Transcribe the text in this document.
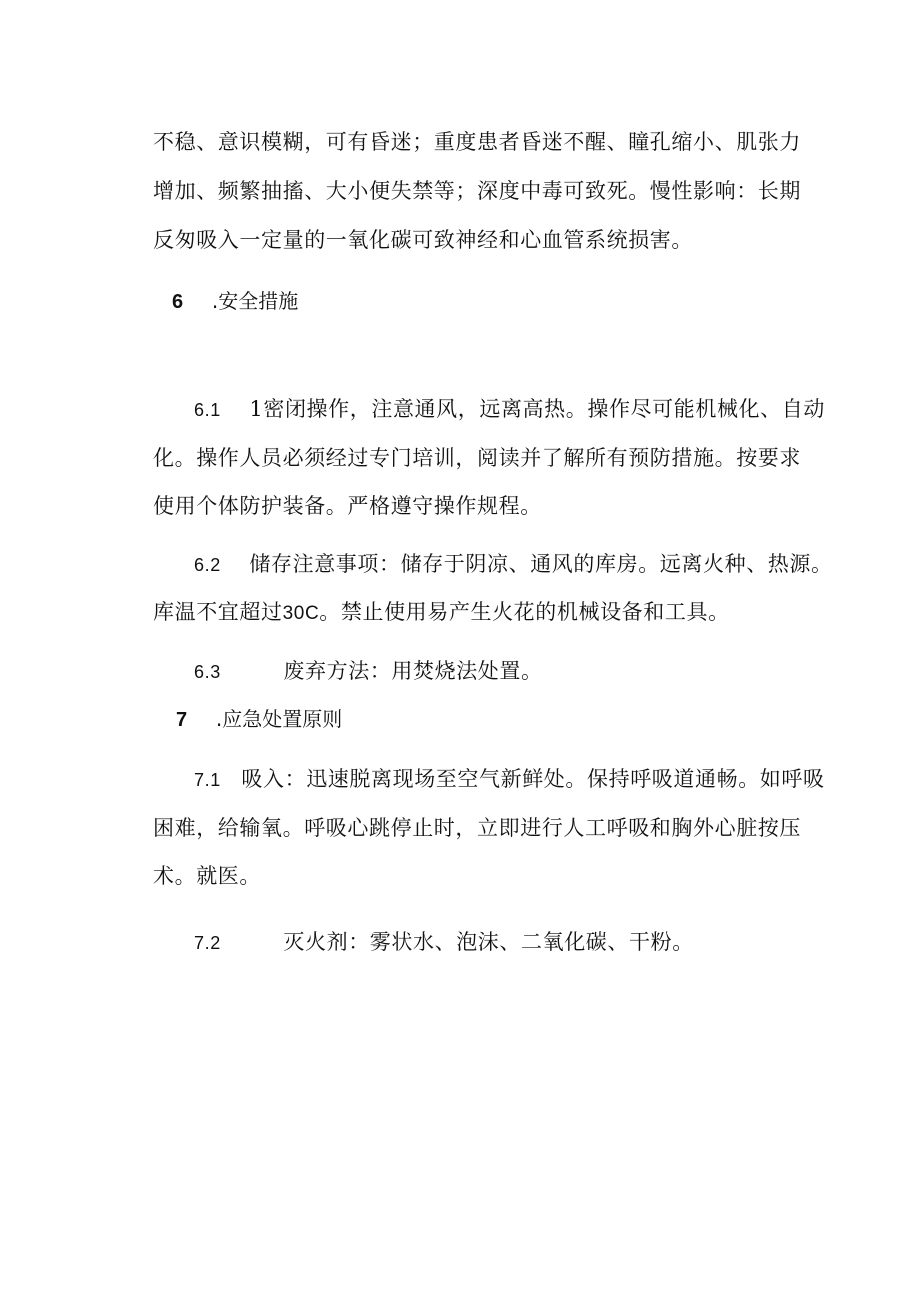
不稳、意识模糊，可有昏迷；重度患者昏迷不醒、瞳孔缩小、肌张力
增加、频繁抽搐、大小便失禁等；深度中毒可致死。慢性影响：长期
反匆吸入一定量的一氧化碳可致神经和心血管系统损害。
6 .安全措施
6.1 1密闭操作，注意通风，远离高热。操作尽可能机械化、自动
化。操作人员必须经过专门培训，阅读并了解所有预防措施。按要求
使用个体防护装备。严格遵守操作规程。
6.2 储存注意事项：储存于阴凉、通风的库房。远离火种、热源。
库温不宜超过30C。禁止使用易产生火花的机械设备和工具。
6.3	废弃方法：用焚烧法处置。
7 .应急处置原则
7.1 吸入：迅速脱离现场至空气新鲜处。保持呼吸道通畅。如呼吸
困难，给输氧。呼吸心跳停止时，立即进行人工呼吸和胸外心脏按压
术。就医。
7.2	灭火剂：雾状水、泡沫、二氧化碳、干粉。
